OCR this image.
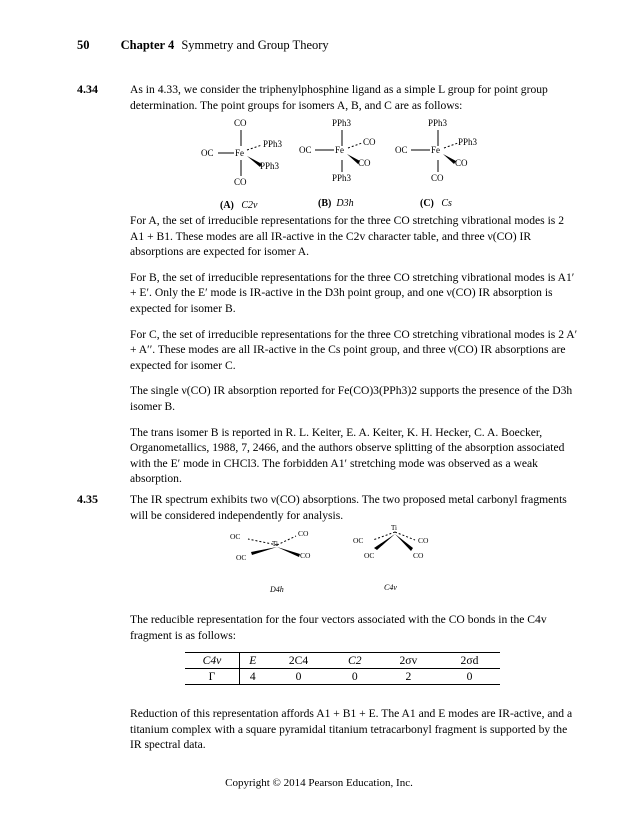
50 Chapter 4 Symmetry and Group Theory
4.34	As in 4.33, we consider the triphenylphosphine ligand as a simple L group for point group determination. The point groups for isomers A, B, and C are as follows:

CO
OC Fe
PPh3
PPh3
CO
PPh3
OC	Fe
CO
CO
PPh3
PPh3
OC	Fe
PPh3
CO
CO
(A) C2v	(B) D3h	(C) Cs

For A, the set of irreducible representations for the three CO stretching vibrational modes is 2 A1 + B1. These modes are all IR-active in the C2v character table, and three ν(CO) IR absorptions are expected for isomer A.

For B, the set of irreducible representations for the three CO stretching vibrational modes is A1′ + E′. Only the E′ mode is IR-active in the D3h point group, and one ν(CO) IR absorption is expected for isomer B.

For C, the set of irreducible representations for the three CO stretching vibrational modes is 2 A′ + A′′. These modes are all IR-active in the Cs point group, and three ν(CO) IR absorptions are expected for isomer C.

The single ν(CO) IR absorption reported for Fe(CO)3(PPh3)2 supports the presence of the D3h isomer B.

The trans isomer B is reported in R. L. Keiter, E. A. Keiter, K. H. Hecker, C. A. Boecker, Organometallics, 1988, 7, 2466, and the authors observe splitting of the absorption associated with the E′ mode in CHCl3. The forbidden A1′ stretching mode was observed as a weak absorption.

4.35	The IR spectrum exhibits two ν(CO) absorptions. The two proposed metal carbonyl fragments will be considered independently for analysis.

OC	CO
Ti
OC	CO
OC
Ti
CO
OC	CO
D4h	C4v

The reducible representation for the four vectors associated with the CO bonds in the C4v fragment is as follows:

C4v	E	2C4	C2	2σv	2σd
Γ	4	0	0	2	0

Reduction of this representation affords A1 + B1 + E. The A1 and E modes are IR-active, and a titanium complex with a square pyramidal titanium tetracarbonyl fragment is supported by the IR spectral data.

Copyright © 2014 Pearson Education, Inc.
